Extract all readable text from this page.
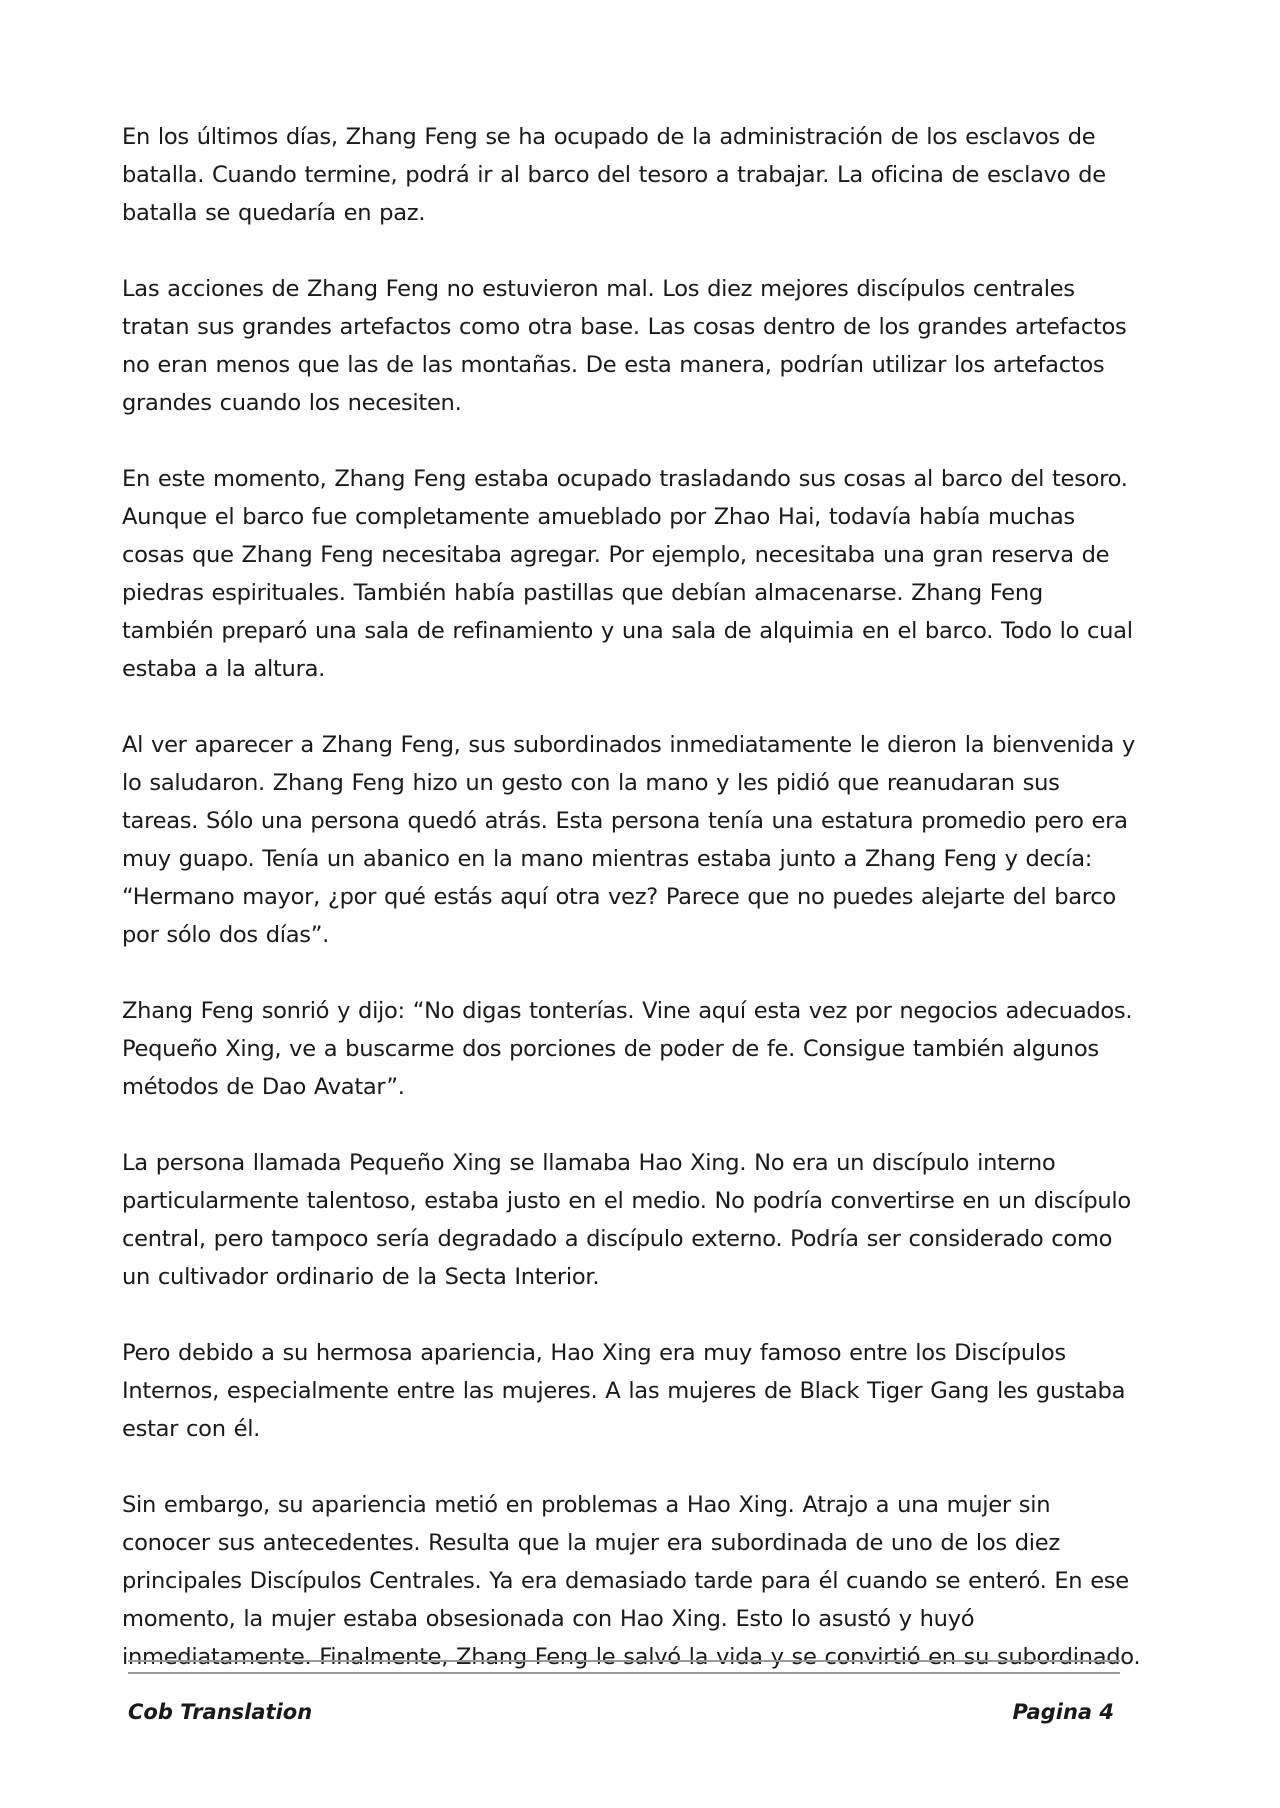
En los últimos días, Zhang Feng se ha ocupado de la administración de los esclavos de batalla. Cuando termine, podrá ir al barco del tesoro a trabajar. La oficina de esclavo de batalla se quedaría en paz.

Las acciones de Zhang Feng no estuvieron mal. Los diez mejores discípulos centrales tratan sus grandes artefactos como otra base. Las cosas dentro de los grandes artefactos no eran menos que las de las montañas. De esta manera, podrían utilizar los artefactos grandes cuando los necesiten.

En este momento, Zhang Feng estaba ocupado trasladando sus cosas al barco del tesoro. Aunque el barco fue completamente amueblado por Zhao Hai, todavía había muchas cosas que Zhang Feng necesitaba agregar. Por ejemplo, necesitaba una gran reserva de piedras espirituales. También había pastillas que debían almacenarse. Zhang Feng también preparó una sala de refinamiento y una sala de alquimia en el barco. Todo lo cual estaba a la altura.

Al ver aparecer a Zhang Feng, sus subordinados inmediatamente le dieron la bienvenida y lo saludaron. Zhang Feng hizo un gesto con la mano y les pidió que reanudaran sus tareas. Sólo una persona quedó atrás. Esta persona tenía una estatura promedio pero era muy guapo. Tenía un abanico en la mano mientras estaba junto a Zhang Feng y decía: “Hermano mayor, ¿por qué estás aquí otra vez? Parece que no puedes alejarte del barco por sólo dos días”.

Zhang Feng sonrió y dijo: “No digas tonterías. Vine aquí esta vez por negocios adecuados. Pequeño Xing, ve a buscarme dos porciones de poder de fe. Consigue también algunos métodos de Dao Avatar”.

La persona llamada Pequeño Xing se llamaba Hao Xing. No era un discípulo interno particularmente talentoso, estaba justo en el medio. No podría convertirse en un discípulo central, pero tampoco sería degradado a discípulo externo. Podría ser considerado como un cultivador ordinario de la Secta Interior.

Pero debido a su hermosa apariencia, Hao Xing era muy famoso entre los Discípulos Internos, especialmente entre las mujeres. A las mujeres de Black Tiger Gang les gustaba estar con él.

Sin embargo, su apariencia metió en problemas a Hao Xing. Atrajo a una mujer sin conocer sus antecedentes. Resulta que la mujer era subordinada de uno de los diez principales Discípulos Centrales. Ya era demasiado tarde para él cuando se enteró. En ese momento, la mujer estaba obsesionada con Hao Xing. Esto lo asustó y huyó inmediatamente. Finalmente, Zhang Feng le salvó la vida y se convirtió en su subordinado.

Cob Translation	Pagina 4
